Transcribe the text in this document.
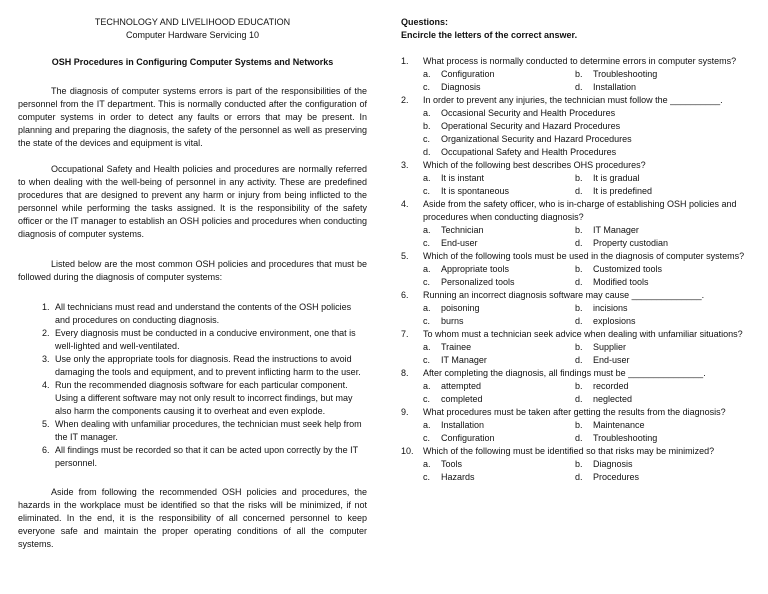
TECHNOLOGY AND LIVELIHOOD EDUCATION
Computer Hardware Servicing 10
OSH Procedures in Configuring Computer Systems and Networks

The diagnosis of computer systems errors is part of the responsibilities of the personnel from the IT department. This is normally conducted after the configuration of computer systems in order to detect any faults or errors that may be present. In planning and preparing the diagnosis, the safety of the personnel as well as preserving the state of the devices and equipment is vital.

Occupational Safety and Health policies and procedures are normally referred to when dealing with the well-being of personnel in any activity. These are predefined procedures that are designed to prevent any harm or injury from being inflicted to the personnel while performing the tasks assigned. It is the responsibility of the safety officer or the IT manager to establish an OSH policies and procedures when conducting diagnosis of computer systems.

Listed below are the most common OSH policies and procedures that must be followed during the diagnosis of computer systems:

1. All technicians must read and understand the contents of the OSH policies and procedures on conducting diagnosis.
2. Every diagnosis must be conducted in a conducive environment, one that is well-lighted and well-ventilated.
3. Use only the appropriate tools for diagnosis. Read the instructions to avoid damaging the tools and equipment, and to prevent inflicting harm to the user.
4. Run the recommended diagnosis software for each particular component. Using a different software may not only result to incorrect findings, but may also harm the components causing it to overheat and even explode.
5. When dealing with unfamiliar procedures, the technician must seek help from the IT manager.
6. All findings must be recorded so that it can be acted upon correctly by the IT personnel.

Aside from following the recommended OSH policies and procedures, the hazards in the workplace must be identified so that the risks will be minimized, if not eliminated. In the end, it is the responsibility of all concerned personnel to keep everyone safe and maintain the proper operating conditions of all the computer systems.

Questions:
Encircle the letters of the correct answer.
1.	What process is normally conducted to determine errors in computer systems?
a.	Configuration	b.	Troubleshooting
c.	Diagnosis	d.	Installation
2.	In order to prevent any injuries, the technician must follow the __________.
a.	Occasional Security and Health Procedures
b.	Operational Security and Hazard Procedures
c.	Organizational Security and Hazard Procedures
d.	Occupational Safety and Health Procedures
3.	Which of the following best describes OHS procedures?
a.	It is instant	b.	It is gradual
c.	It is spontaneous	d.	It is predefined
4.	Aside from the safety officer, who is in-charge of establishing OSH policies and procedures when conducting diagnosis?
a.	Technician	b.	IT Manager
c.	End-user	d.	Property custodian
5.	Which of the following tools must be used in the diagnosis of computer systems?
a.	Appropriate tools	b.	Customized tools
c.	Personalized tools	d.	Modified tools
6.	Running an incorrect diagnosis software may cause ______________.
a.	poisoning	b.	incisions
c.	burns	d.	explosions
7.	To whom must a technician seek advice when dealing with unfamiliar situations?
a.	Trainee	b.	Supplier
c.	IT Manager	d.	End-user
8.	After completing the diagnosis, all findings must be _______________.
a.	attempted	b.	recorded
c.	completed	d.	neglected
9.	What procedures must be taken after getting the results from the diagnosis?
a.	Installation	b.	Maintenance
c.	Configuration	d.	Troubleshooting
10.	Which of the following must be identified so that risks may be minimized?
a.	Tools	b.	Diagnosis
c.	Hazards	d.	Procedures
